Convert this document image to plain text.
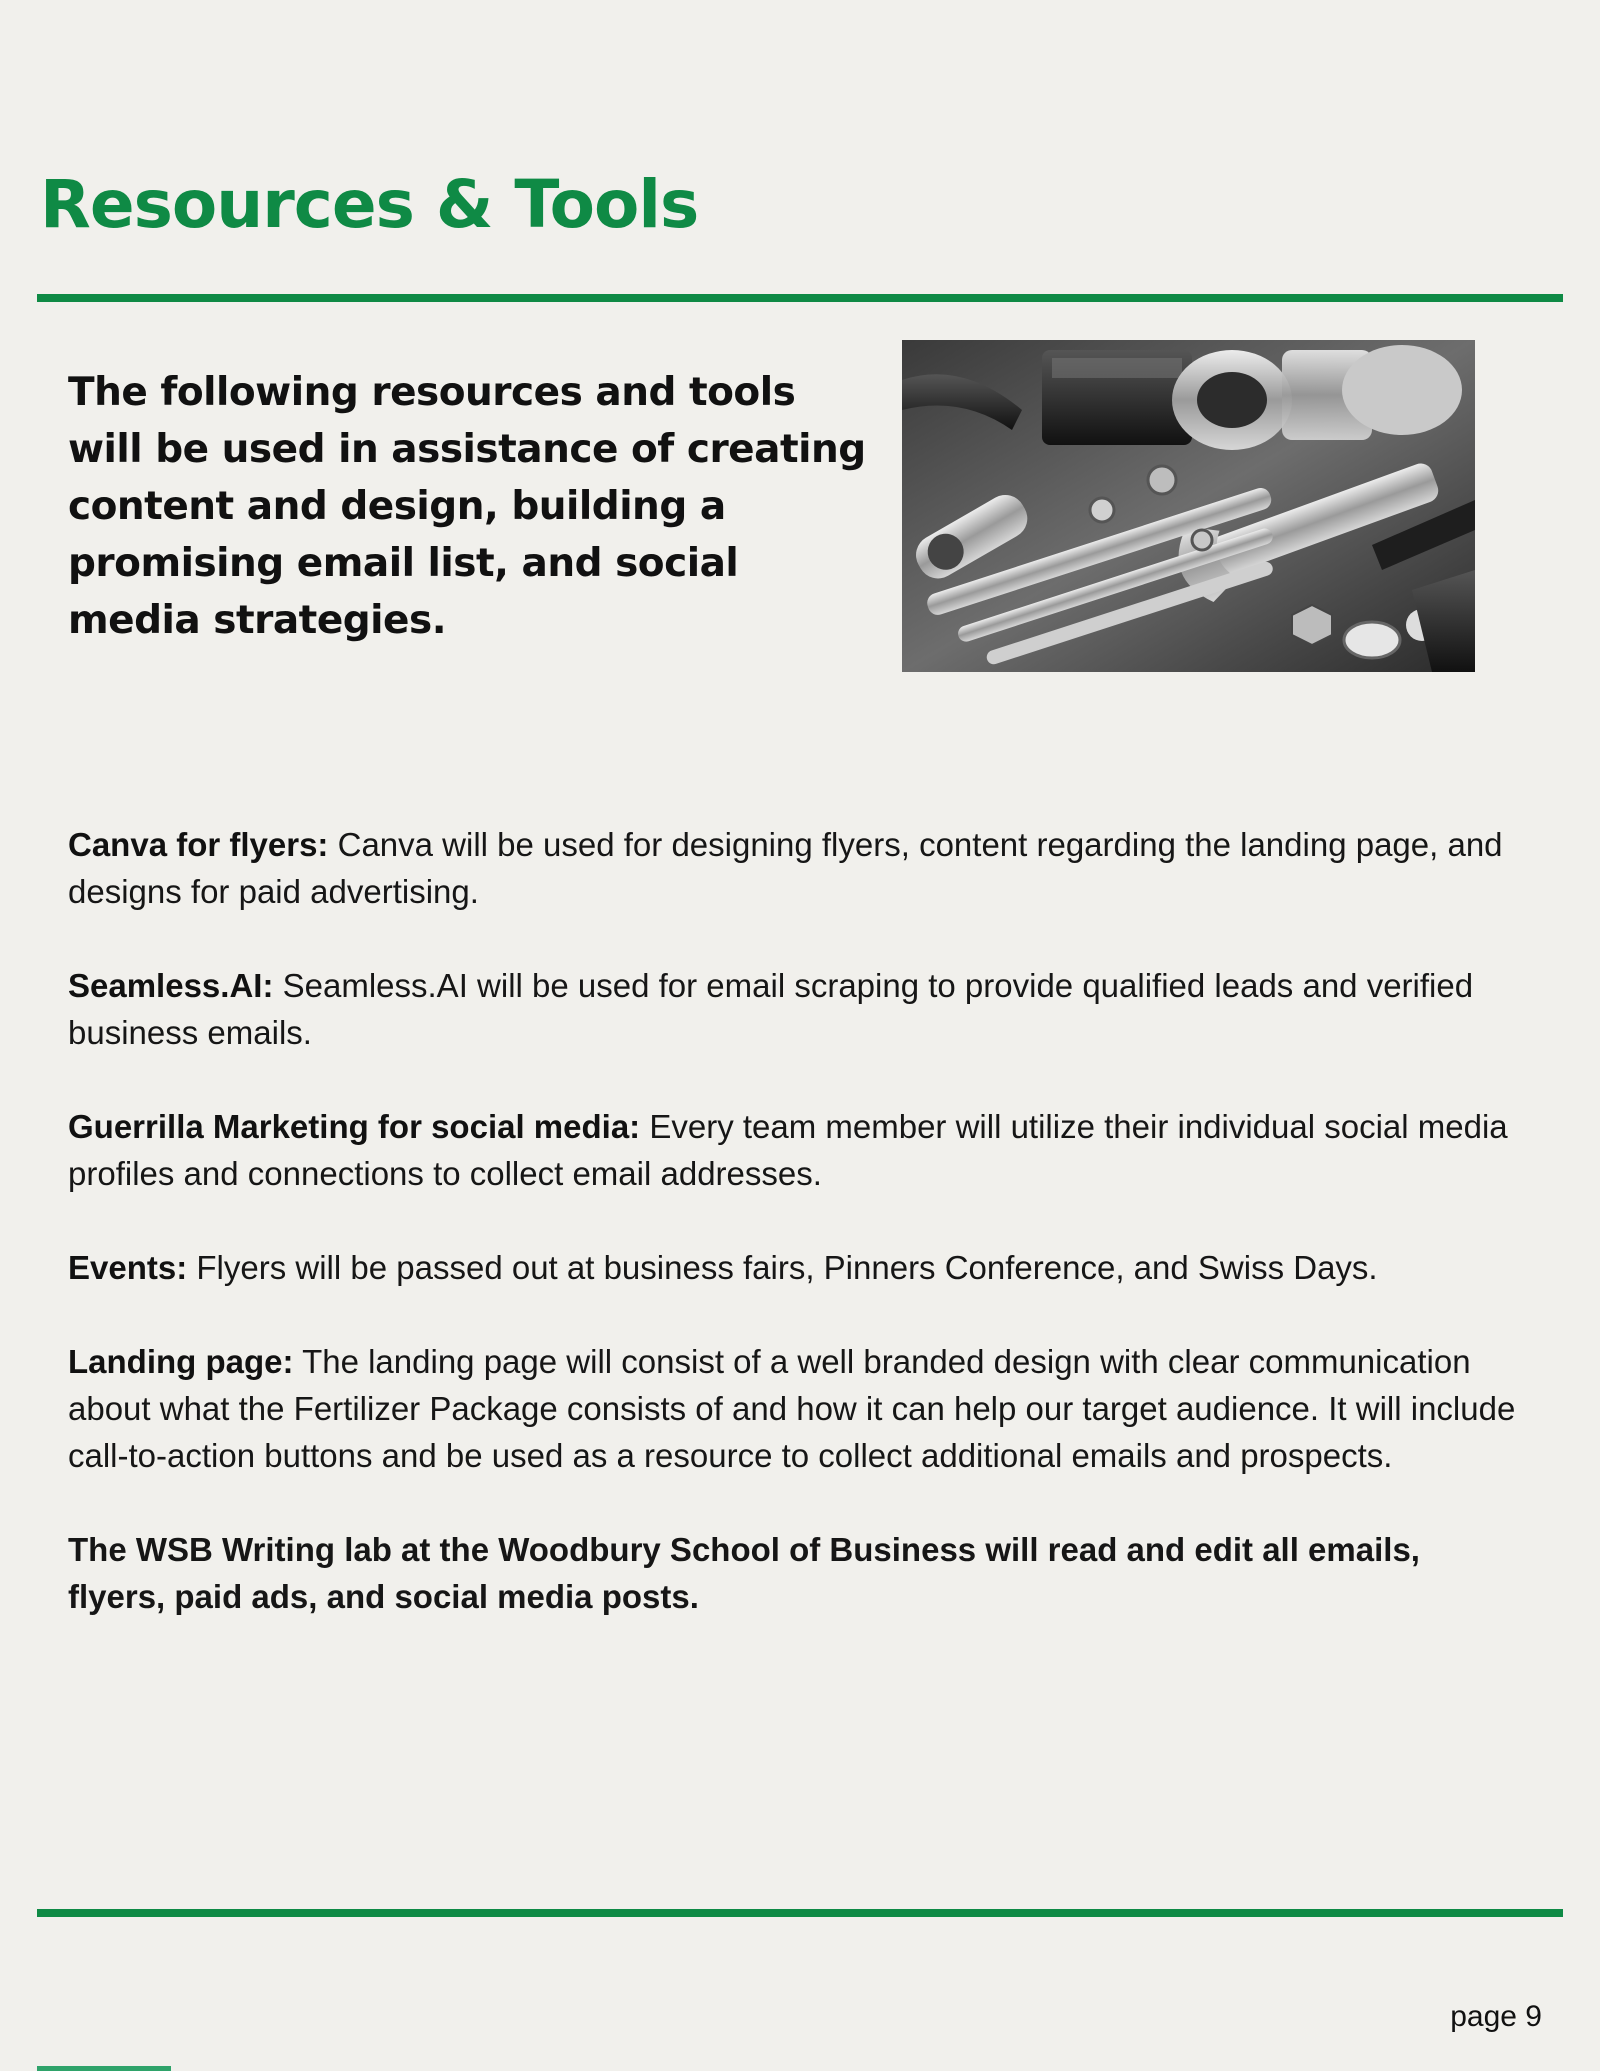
Resources & Tools

The following resources and tools will be used in assistance of creating content and design, building a promising email list, and social media strategies.

Canva for flyers: Canva will be used for designing flyers, content regarding the landing page, and designs for paid advertising.

Seamless.AI: Seamless.AI will be used for email scraping to provide qualified leads and verified business emails.

Guerrilla Marketing for social media: Every team member will utilize their individual social media profiles and connections to collect email addresses.

Events: Flyers will be passed out at business fairs, Pinners Conference, and Swiss Days.

Landing page: The landing page will consist of a well branded design with clear communication about what the Fertilizer Package consists of and how it can help our target audience. It will include call-to-action buttons and be used as a resource to collect additional emails and prospects.

The WSB Writing lab at the Woodbury School of Business will read and edit all emails, flyers, paid ads, and social media posts.

page 9
